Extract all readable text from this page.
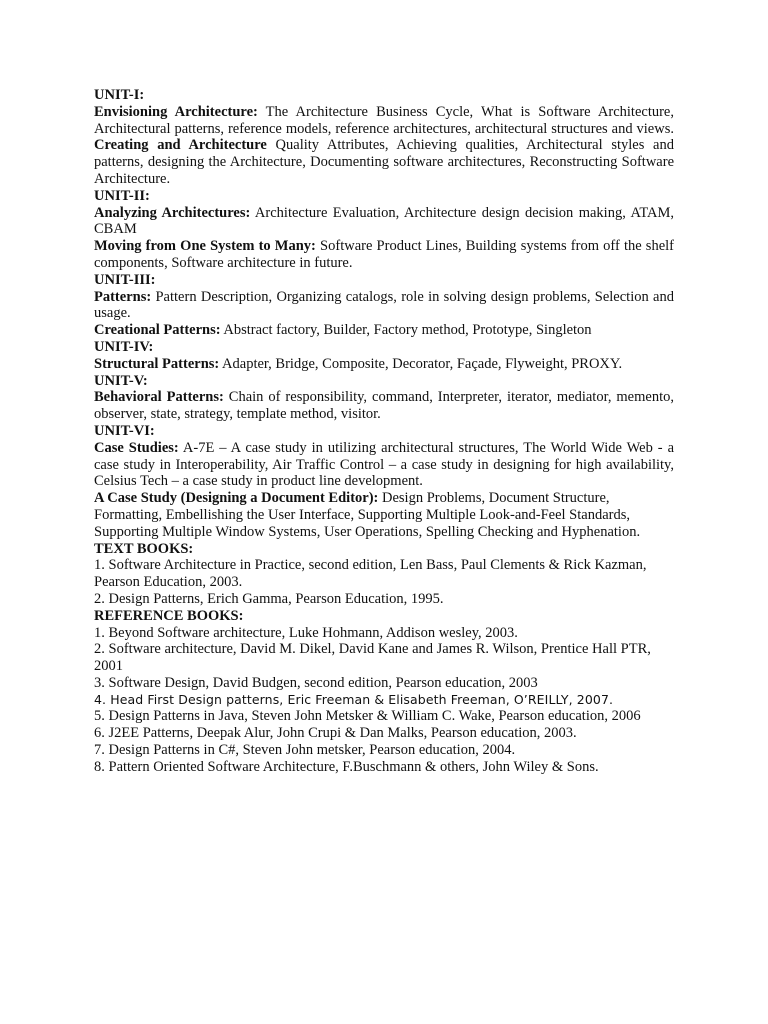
UNIT-I:

Envisioning Architecture: The Architecture Business Cycle, What is Software Architecture, Architectural patterns, reference models, reference architectures, architectural structures and views. Creating and Architecture Quality Attributes, Achieving qualities, Architectural styles and patterns, designing the Architecture, Documenting software architectures, Reconstructing Software Architecture.

UNIT-II:

Analyzing Architectures: Architecture Evaluation, Architecture design decision making, ATAM, CBAM

Moving from One System to Many: Software Product Lines, Building systems from off the shelf components, Software architecture in future.

UNIT-III:

Patterns: Pattern Description, Organizing catalogs, role in solving design problems, Selection and usage.

Creational Patterns: Abstract factory, Builder, Factory method, Prototype, Singleton

UNIT-IV:

Structural Patterns: Adapter, Bridge, Composite, Decorator, Façade, Flyweight, PROXY.

UNIT-V:

Behavioral Patterns: Chain of responsibility, command, Interpreter, iterator, mediator, memento, observer, state, strategy, template method, visitor.

UNIT-VI:

Case Studies: A-7E – A case study in utilizing architectural structures, The World Wide Web - a case study in Interoperability, Air Traffic Control – a case study in designing for high availability, Celsius Tech – a case study in product line development.

A Case Study (Designing a Document Editor): Design Problems, Document Structure, Formatting, Embellishing the User Interface, Supporting Multiple Look-and-Feel Standards, Supporting Multiple Window Systems, User Operations, Spelling Checking and Hyphenation.

TEXT BOOKS:

1. Software Architecture in Practice, second edition, Len Bass, Paul Clements & Rick Kazman, Pearson Education, 2003.

2. Design Patterns, Erich Gamma, Pearson Education, 1995.

REFERENCE BOOKS:

1. Beyond Software architecture, Luke Hohmann, Addison wesley, 2003.

2. Software architecture, David M. Dikel, David Kane and James R. Wilson, Prentice Hall PTR, 2001

3. Software Design, David Budgen, second edition, Pearson education, 2003

4. Head First Design patterns, Eric Freeman & Elisabeth Freeman, O’REILLY, 2007.

5. Design Patterns in Java, Steven John Metsker & William C. Wake, Pearson education, 2006

6. J2EE Patterns, Deepak Alur, John Crupi & Dan Malks, Pearson education, 2003.

7. Design Patterns in C#, Steven John metsker, Pearson education, 2004.

8. Pattern Oriented Software Architecture, F.Buschmann & others, John Wiley & Sons.
